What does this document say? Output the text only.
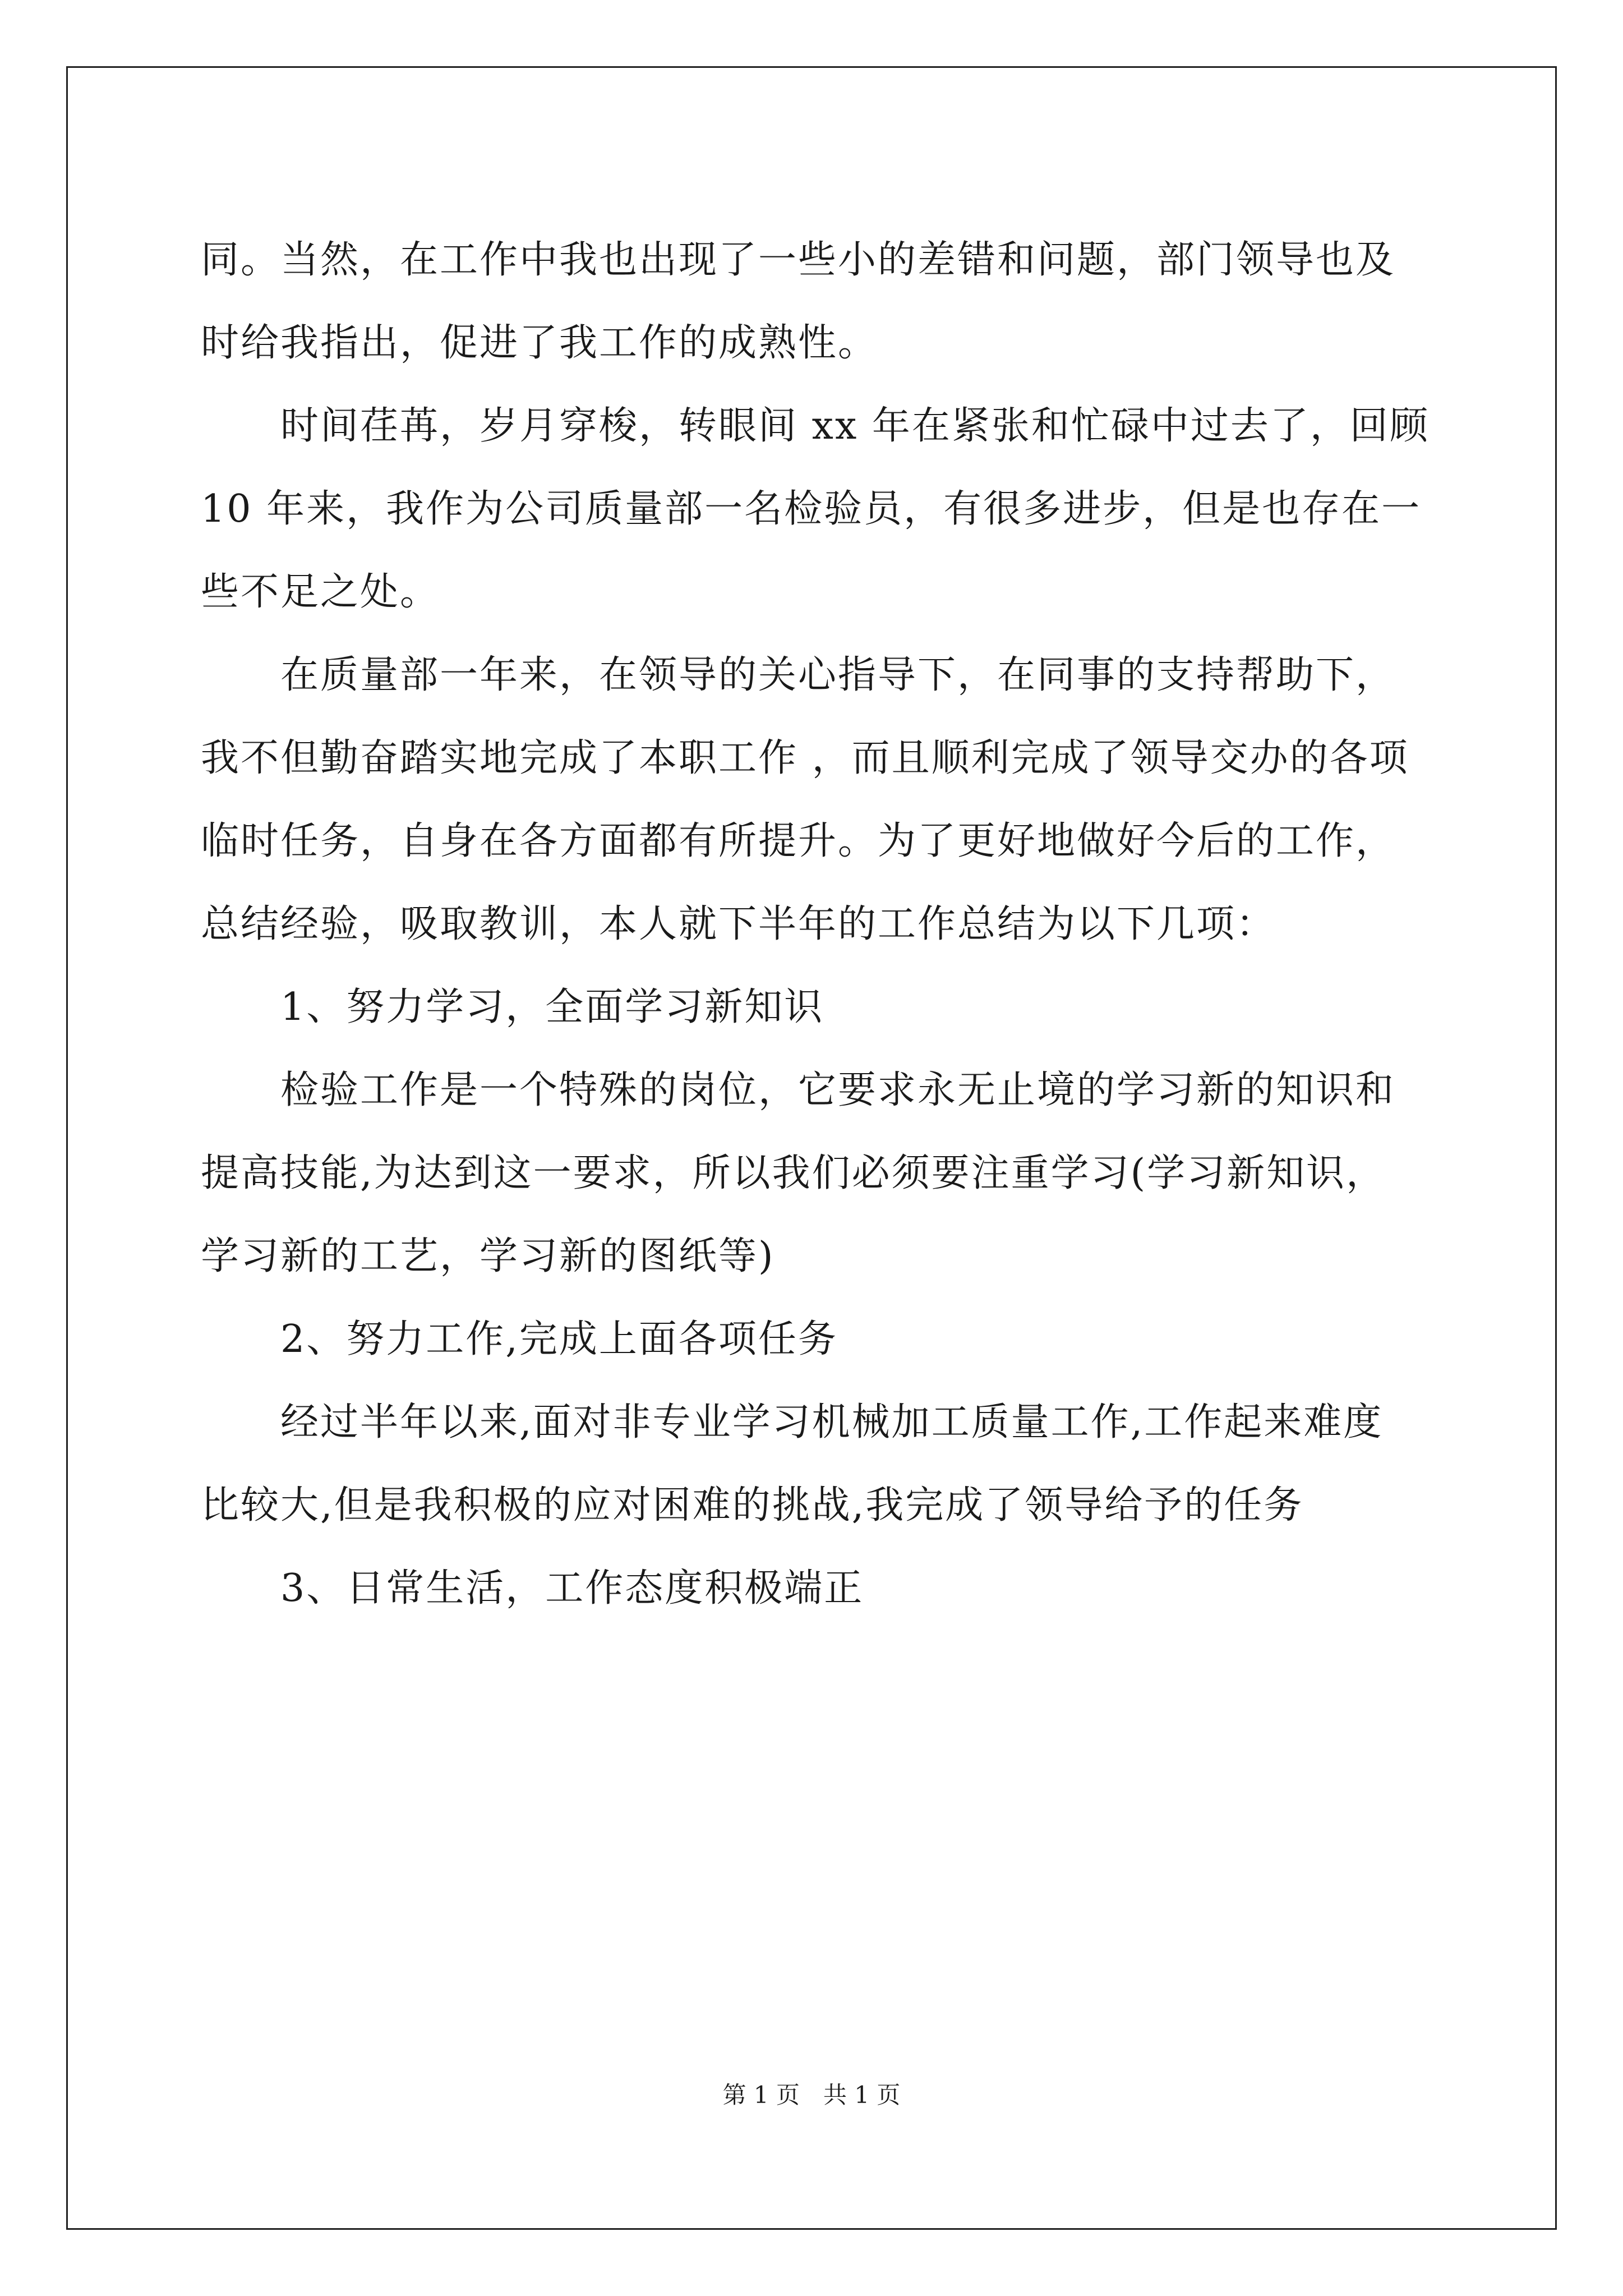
同。当然，在工作中我也出现了一些小的差错和问题，部门领导也及
时给我指出，促进了我工作的成熟性。
　　时间荏苒，岁月穿梭，转眼间 xx 年在紧张和忙碌中过去了，回顾
10 年来，我作为公司质量部一名检验员，有很多进步，但是也存在一
些不足之处。
　　在质量部一年来，在领导的关心指导下，在同事的支持帮助下，
我不但勤奋踏实地完成了本职工作 ，而且顺利完成了领导交办的各项
临时任务，自身在各方面都有所提升。为了更好地做好今后的工作，
总结经验，吸取教训，本人就下半年的工作总结为以下几项：
　　1、努力学习，全面学习新知识
　　检验工作是一个特殊的岗位，它要求永无止境的学习新的知识和
提高技能,为达到这一要求，所以我们必须要注重学习(学习新知识，
学习新的工艺，学习新的图纸等)
　　2、努力工作,完成上面各项任务
　　经过半年以来,面对非专业学习机械加工质量工作,工作起来难度
比较大,但是我积极的应对困难的挑战,我完成了领导给予的任务
　　3、日常生活，工作态度积极端正
第 1 页　共 1 页
